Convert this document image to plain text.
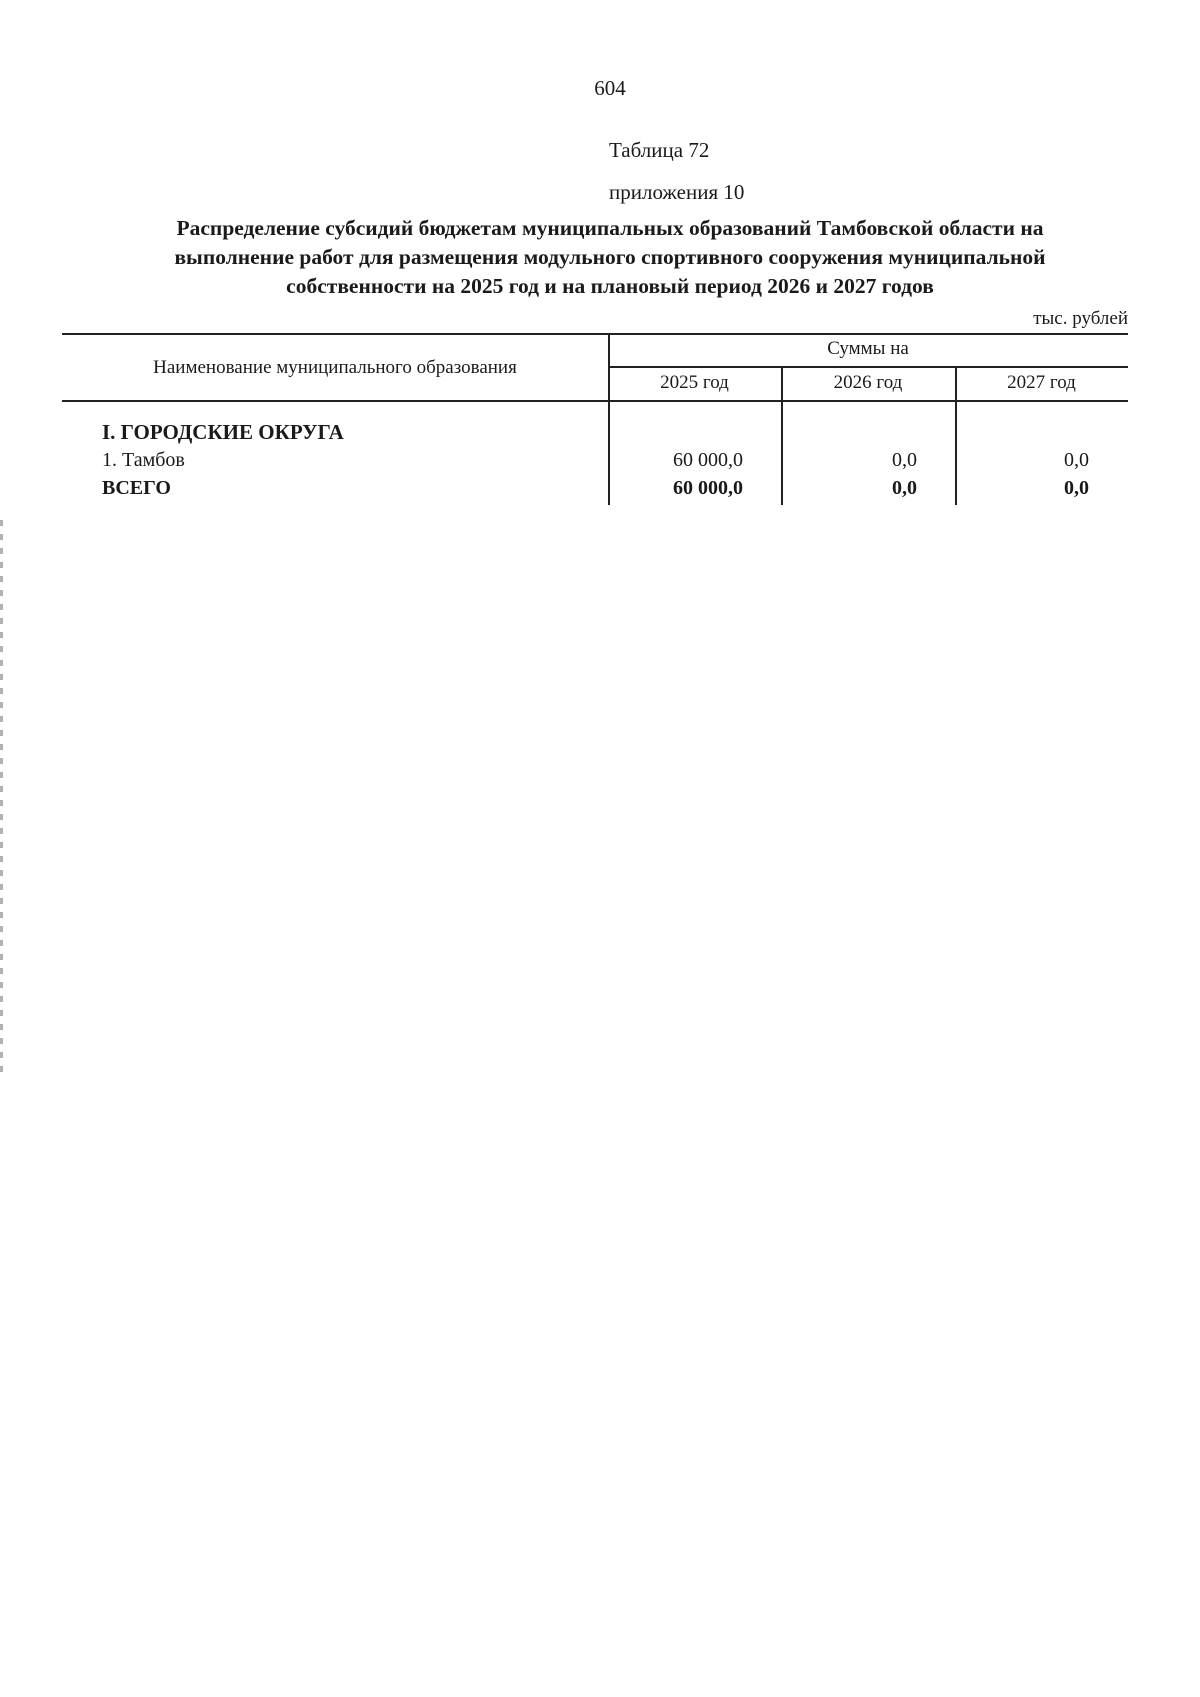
604
Таблица 72
приложения 10
Распределение субсидий бюджетам муниципальных образований Тамбовской области на
выполнение работ для размещения модульного спортивного сооружения муниципальной
собственности на 2025 год и на плановый период 2026 и 2027 годов
тыс. рублей
Наименование муниципального образования
Суммы на
2025 год	2026 год	2027 год
I. ГОРОДСКИЕ ОКРУГА
1. Тамбов	60 000,0	0,0	0,0
ВСЕГО	60 000,0	0,0	0,0
